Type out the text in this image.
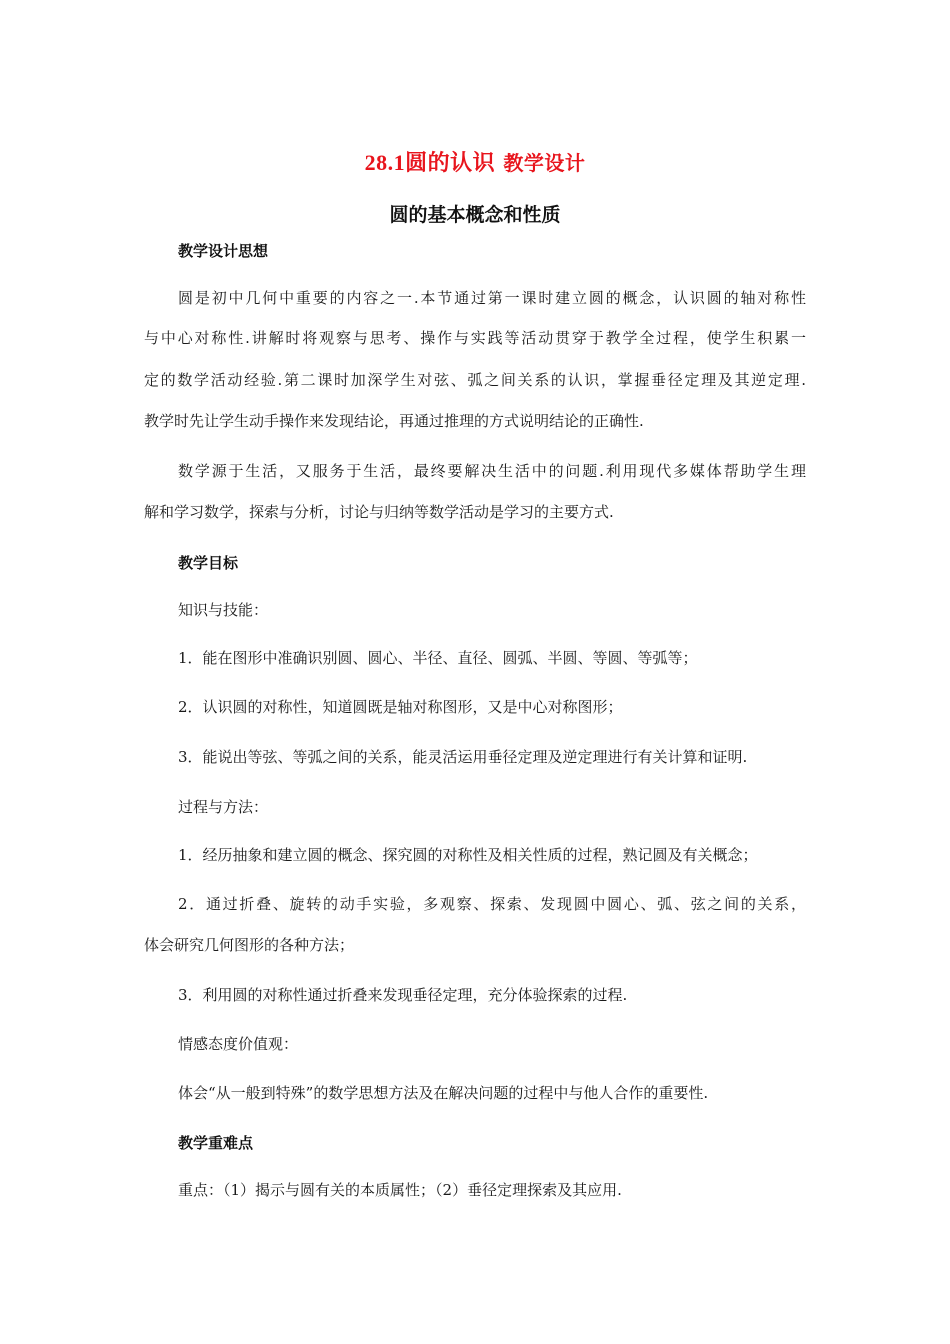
28.1圆的认识 教学设计
圆的基本概念和性质
教学设计思想
圆是初中几何中重要的内容之一.本节通过第一课时建立圆的概念，认识圆的轴对称性
与中心对称性.讲解时将观察与思考、操作与实践等活动贯穿于教学全过程，使学生积累一
定的数学活动经验.第二课时加深学生对弦、弧之间关系的认识，掌握垂径定理及其逆定理.
教学时先让学生动手操作来发现结论，再通过推理的方式说明结论的正确性.
数学源于生活，又服务于生活，最终要解决生活中的问题.利用现代多媒体帮助学生理
解和学习数学，探索与分析，讨论与归纳等数学活动是学习的主要方式.
教学目标
知识与技能：
1．能在图形中准确识别圆、圆心、半径、直径、圆弧、半圆、等圆、等弧等；
2．认识圆的对称性，知道圆既是轴对称图形，又是中心对称图形；
3．能说出等弦、等弧之间的关系，能灵活运用垂径定理及逆定理进行有关计算和证明.
过程与方法：
1．经历抽象和建立圆的概念、探究圆的对称性及相关性质的过程，熟记圆及有关概念；
2．通过折叠、旋转的动手实验，多观察、探索、发现圆中圆心、弧、弦之间的关系，
体会研究几何图形的各种方法；
3．利用圆的对称性通过折叠来发现垂径定理，充分体验探索的过程.
情感态度价值观：
体会“从一般到特殊”的数学思想方法及在解决问题的过程中与他人合作的重要性.
教学重难点
重点：（1）揭示与圆有关的本质属性；（2）垂径定理探索及其应用.
